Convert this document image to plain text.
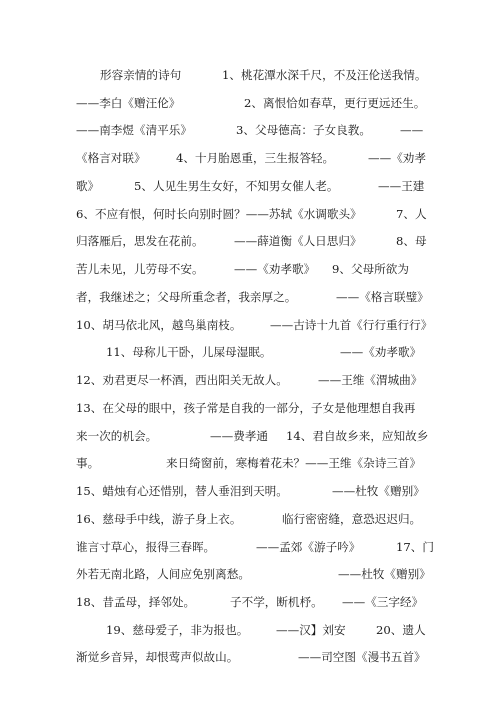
形容亲情的诗句	1、桃花潭水深千尺，不及汪伦送我情。
——李白《赠汪伦》	2、离恨恰如春草，更行更远还生。
——南李煜《清平乐》	3、父母德高：子女良教。	——
《格言对联》	4、十月胎恩重，三生报答轻。	——《劝孝
歌》	5、人见生男生女好，不知男女催人老。	——王建
6、不应有恨，何时长向别时圆？——苏轼《水调歌头》	7、人
归落雁后，思发在花前。	——薛道衡《人日思归》	8、母
苦儿未见，儿劳母不安。	——《劝孝歌》 9、父母所欲为
者，我继述之；父母所重念者，我亲厚之。	——《格言联璧》
10、胡马依北风，越鸟巢南枝。 ——古诗十九首《行行重行行》
11、母称儿干卧，儿屎母湿眠。	——《劝孝歌》
12、劝君更尽一杯酒，西出阳关无故人。	——王维《渭城曲》
13、在父母的眼中，孩子常是自我的一部分，子女是他理想自我再
来一次的机会。	——费孝通 14、君自故乡来，应知故乡
事。	来日绮窗前，寒梅着花未？——王维《杂诗三首》
15、蜡烛有心还惜别，替人垂泪到天明。	——杜牧《赠别》
16、慈母手中线，游子身上衣。	临行密密缝，意恐迟迟归。
谁言寸草心，报得三春晖。	——孟郊《游子吟》	17、门
外若无南北路，人间应免别离愁。	——杜牧《赠别》
18、昔孟母，择邻处。	子不学，断机杼。 ——《三字经》
19、慈母爱子，非为报也。 ——汉】刘安	20、遗人
渐觉乡音异，却恨莺声似故山。	——司空图《漫书五首》
